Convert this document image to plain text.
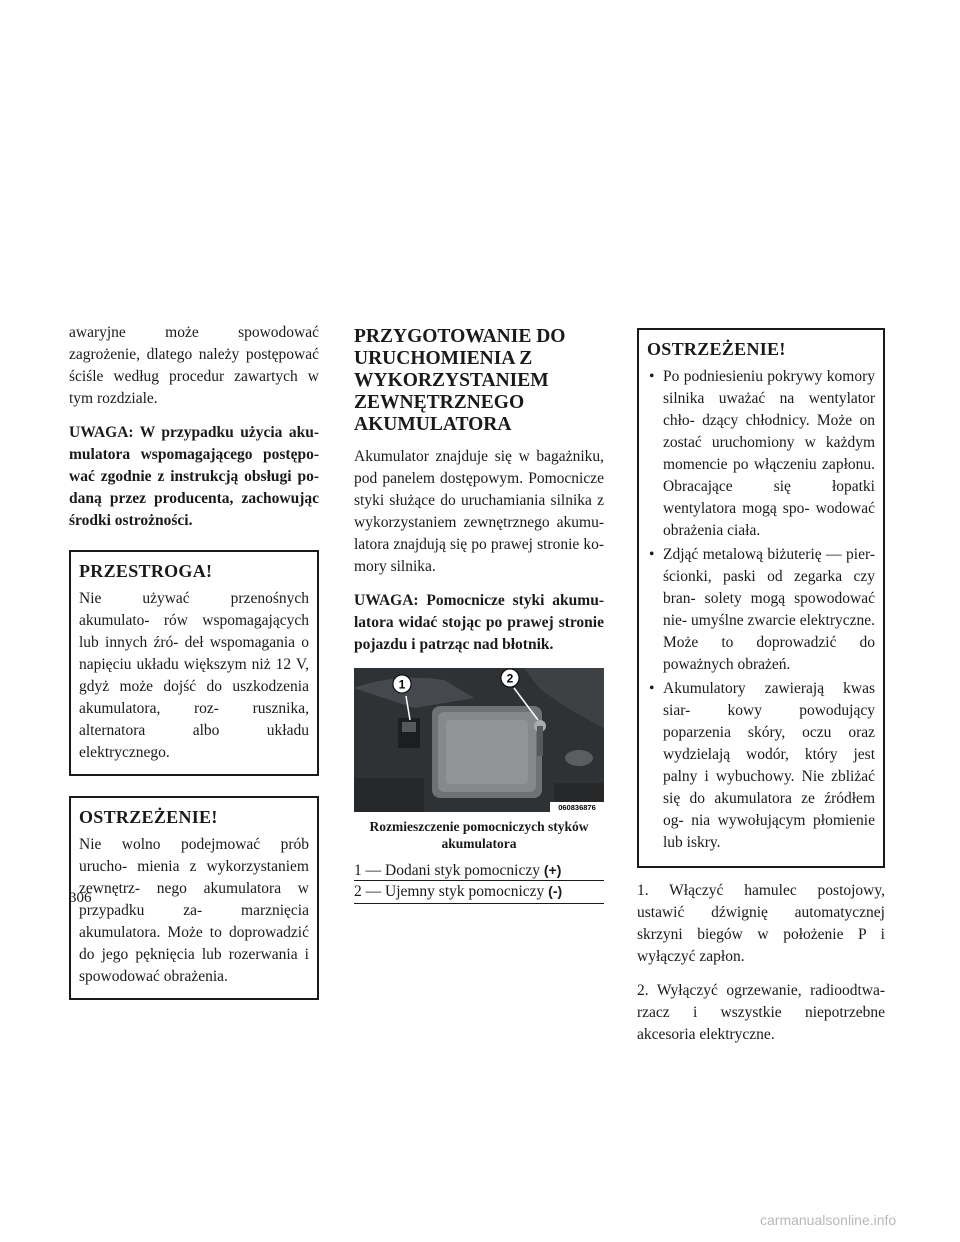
awaryjne może spowodować zagrożenie, dlatego należy postępować ściśle według procedur zawartych w tym rozdziale.

UWAGA: W przypadku użycia aku- mulatora wspomagającego postępo- wać zgodnie z instrukcją obsługi po- daną przez producenta, zachowując środki ostrożności.

PRZESTROGA!

Nie używać przenośnych akumulato- rów wspomagających lub innych źró- deł wspomagania o napięciu układu większym niż 12 V, gdyż może dojść do uszkodzenia akumulatora, roz- rusznika, alternatora albo układu elektrycznego.

OSTRZEŻENIE!

Nie wolno podejmować prób urucho- mienia z wykorzystaniem zewnętrz- nego akumulatora w przypadku za- marznięcia akumulatora. Może to doprowadzić do jego pęknięcia lub rozerwania i spowodować obrażenia.

PRZYGOTOWANIE DO URUCHOMIENIA Z WYKORZYSTANIEM ZEWNĘTRZNEGO AKUMULATORA

Akumulator znajduje się w bagażniku, pod panelem dostępowym. Pomocnicze styki służące do uruchamiania silnika z wykorzystaniem zewnętrznego akumu- latora znajdują się po prawej stronie ko- mory silnika.

UWAGA: Pomocnicze styki akumu- latora widać stojąc po prawej stronie pojazdu i patrząc nad błotnik.

1	2
060836876
Rozmieszczenie pomocniczych styków akumulatora
1 — Dodani styk pomocniczy (+)
2 — Ujemny styk pomocniczy (-)
OSTRZEŻENIE!
• Po podniesieniu pokrywy komory silnika uważać na wentylator chło- dzący chłodnicy. Może on zostać uruchomiony w każdym momencie po włączeniu zapłonu. Obracające się łopatki wentylatora mogą spo- wodować obrażenia ciała.
• Zdjąć metalową biżuterię — pier- ścionki, paski od zegarka czy bran- solety mogą spowodować nie- umyślne zwarcie elektryczne. Może to doprowadzić do poważnych obrażeń.
• Akumulatory zawierają kwas siar- kowy powodujący poparzenia skóry, oczu oraz wydzielają wodór, który jest palny i wybuchowy. Nie zbliżać się do akumulatora ze źródłem og- nia wywołującym płomienie lub iskry.

1. Włączyć hamulec postojowy, ustawić dźwignię automatycznej skrzyni biegów w położenie P i wyłączyć zapłon.

2. Wyłączyć ogrzewanie, radioodtwa- rzacz i wszystkie niepotrzebne akcesoria elektryczne.

306
carmanualsonline.info
